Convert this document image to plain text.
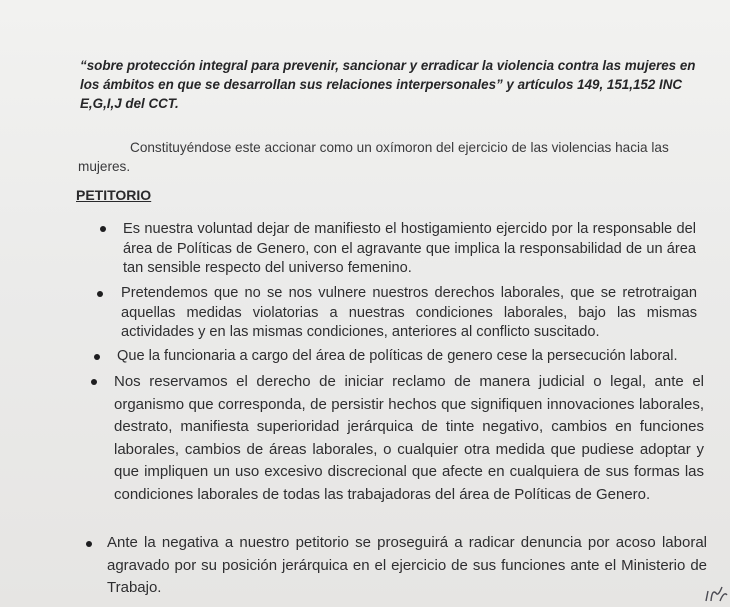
“sobre protección integral para prevenir, sancionar y erradicar la violencia contra las mujeres en los ámbitos en que se desarrollan sus relaciones interpersonales” y artículos 149, 151,152 INC E,G,I,J del CCT.
Constituyéndose este accionar como un oxímoron del ejercicio de las violencias hacia las mujeres.
PETITORIO
Es nuestra voluntad dejar de manifiesto el hostigamiento ejercido por la responsable del área de Políticas de Genero, con el agravante que implica la responsabilidad de un área tan sensible respecto del universo femenino.
Pretendemos que no se nos vulnere nuestros derechos laborales, que se retrotraigan aquellas medidas violatorias a nuestras condiciones laborales, bajo las mismas actividades y en las mismas condiciones, anteriores al conflicto suscitado.
Que la funcionaria a cargo del área de políticas de genero cese la persecución laboral.
Nos reservamos el derecho de iniciar reclamo de manera judicial o legal, ante el organismo que corresponda, de persistir hechos que signifiquen innovaciones laborales, destrato, manifiesta superioridad jerárquica de tinte negativo, cambios en funciones laborales, cambios de áreas laborales, o cualquier otra medida que pudiese adoptar y que impliquen un uso excesivo discrecional que afecte en cualquiera de sus formas las condiciones laborales de todas las trabajadoras del área de Políticas de Genero.
Ante la negativa a nuestro petitorio se proseguirá a radicar denuncia por acoso laboral agravado por su posición jerárquica en el ejercicio de sus funciones ante el Ministerio de Trabajo.
